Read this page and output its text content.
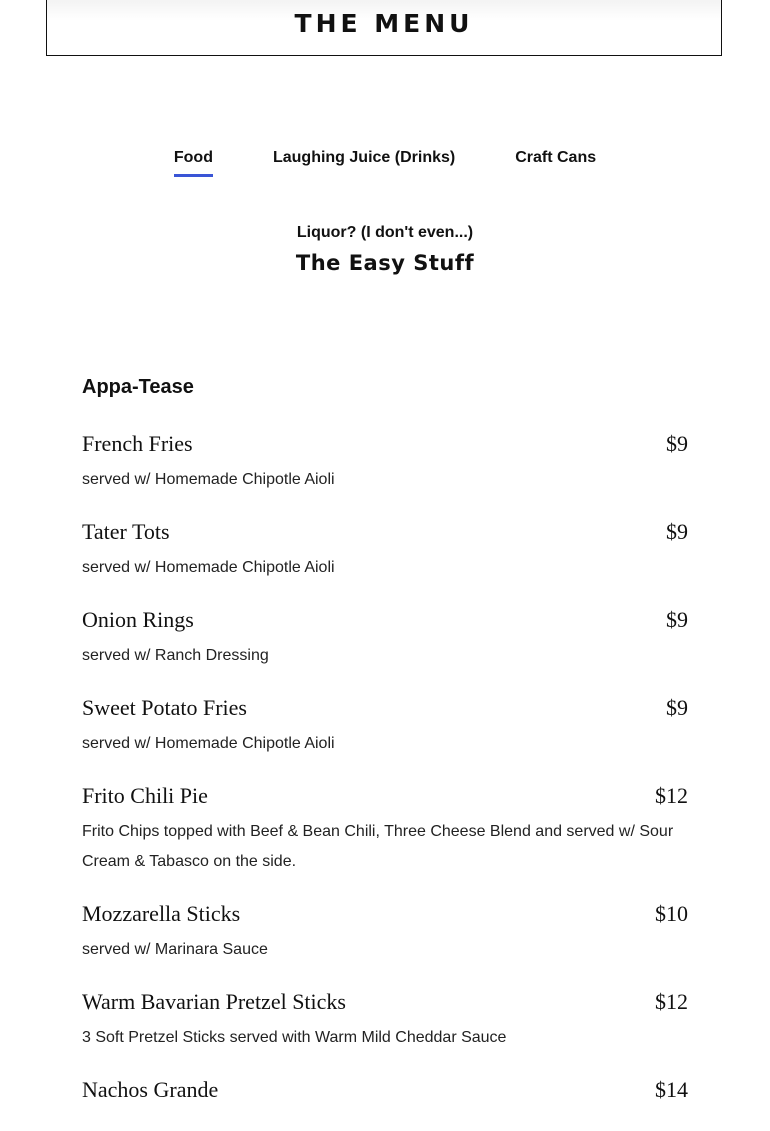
THE MENU
Food	Laughing Juice (Drinks)	Craft Cans
Liquor? (I don't even...)
The Easy Stuff
Appa-Tease
French Fries	$9
served w/ Homemade Chipotle Aioli
Tater Tots	$9
served w/ Homemade Chipotle Aioli
Onion Rings	$9
served w/ Ranch Dressing
Sweet Potato Fries	$9
served w/ Homemade Chipotle Aioli
Frito Chili Pie	$12
Frito Chips topped with Beef & Bean Chili, Three Cheese Blend and served w/ Sour Cream & Tabasco on the side.
Mozzarella Sticks	$10
served w/ Marinara Sauce
Warm Bavarian Pretzel Sticks	$12
3 Soft Pretzel Sticks served with Warm Mild Cheddar Sauce
Nachos Grande	$14
